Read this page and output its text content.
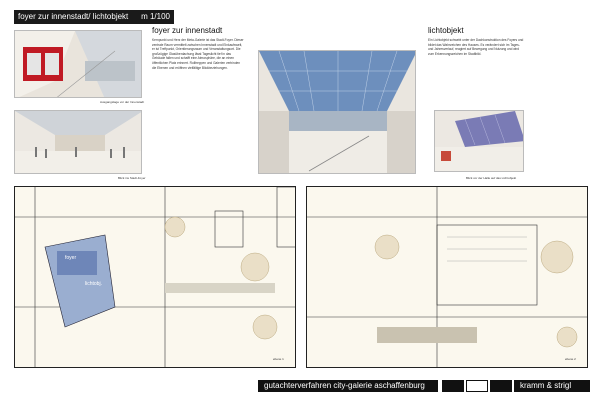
foyer zur innenstadt/ lichtobjekt m 1/100
Ausgangslage vor der Innenstadt
Blick ins Stadt-Foyer
foyer zur innenstadt
Kernpunkt und Herz der Meta-Galerie ist das Stadt-Foyer. Dieser zentrale Raum vermittelt zwischen Innenstadt und Einkaufswelt, er ist Treffpunkt, Orientierungsraum und Veranstaltungsort. Die großzügige Glasüberdachung lässt Tageslicht tief in das Gebäude fallen und schafft eine Atmosphäre, die an einen öffentlichen Platz erinnert. Rolltreppen und Galerien verbinden die Ebenen und eröffnen vielfältige Blickbeziehungen.
lichtobjekt
Ein Lichtobjekt schwebt unter der Dachkonstruktion des Foyers und bildet das Wahrzeichen des Hauses. Es verändert sich im Tages- und Jahresverlauf, reagiert auf Bewegung und Nutzung und wird zum Erkennungszeichen im Stadtbild.
Blick vor der Halle auf das Lichtobjekt
foyer
lichtobj.
ebene 1	ebene 2
gutachterverfahren city-galerie aschaffenburg	kramm & strigl
